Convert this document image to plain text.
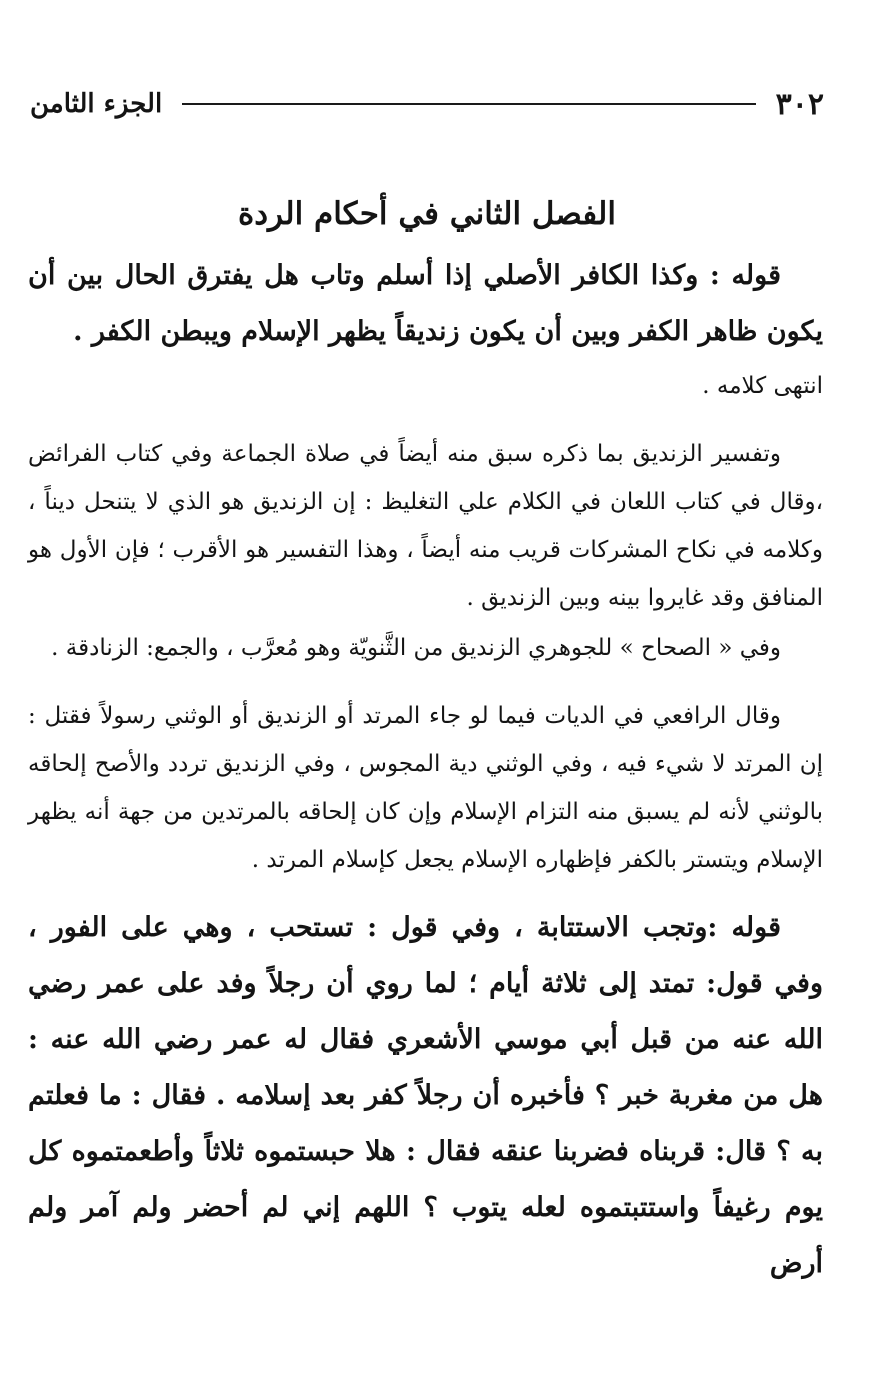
٣٠٢
الجزء الثامن
الفصل الثاني في أحكام الردة

قوله : وكذا الكافر الأصلي إذا أسلم وتاب هل يفترق الحال بين أن يكون ظاهر الكفر وبين أن يكون زنديقاً يظهر الإسلام ويبطن الكفر .

انتهى كلامه .

وتفسير الزنديق بما ذكره سبق منه أيضاً في صلاة الجماعة وفي كتاب الفرائض ،وقال في كتاب اللعان في الكلام علي التغليظ : إن الزنديق هو الذي لا يتنحل ديناً ، وكلامه في نكاح المشركات قريب منه أيضاً ، وهذا التفسير هو الأقرب ؛ فإن الأول هو المنافق وقد غايروا بينه وبين الزنديق .

وفي « الصحاح » للجوهري الزنديق من الثَّنويّة وهو مُعرَّب ، والجمع: الزنادقة .

وقال الرافعي في الديات فيما لو جاء المرتد أو الزنديق أو الوثني رسولاً فقتل : إن المرتد لا شيء فيه ، وفي الوثني دية المجوس ، وفي الزنديق تردد والأصح إلحاقه بالوثني لأنه لم يسبق منه التزام الإسلام وإن كان إلحاقه بالمرتدين من جهة أنه يظهر الإسلام ويتستر بالكفر فإظهاره الإسلام يجعل كإسلام المرتد .

قوله :وتجب الاستتابة ، وفي قول : تستحب ، وهي على الفور ، وفي قول: تمتد إلى ثلاثة أيام ؛ لما روي أن رجلاً وفد على عمر رضي الله عنه من قبل أبي موسي الأشعري فقال له عمر رضي الله عنه : هل من مغربة خبر ؟ فأخبره أن رجلاً كفر بعد إسلامه . فقال : ما فعلتم به ؟ قال: قربناه فضربنا عنقه فقال : هلا حبستموه ثلاثاً وأطعمتموه كل يوم رغيفاً واستتبتموه لعله يتوب ؟ اللهم إني لم أحضر ولم آمر ولم أرض
